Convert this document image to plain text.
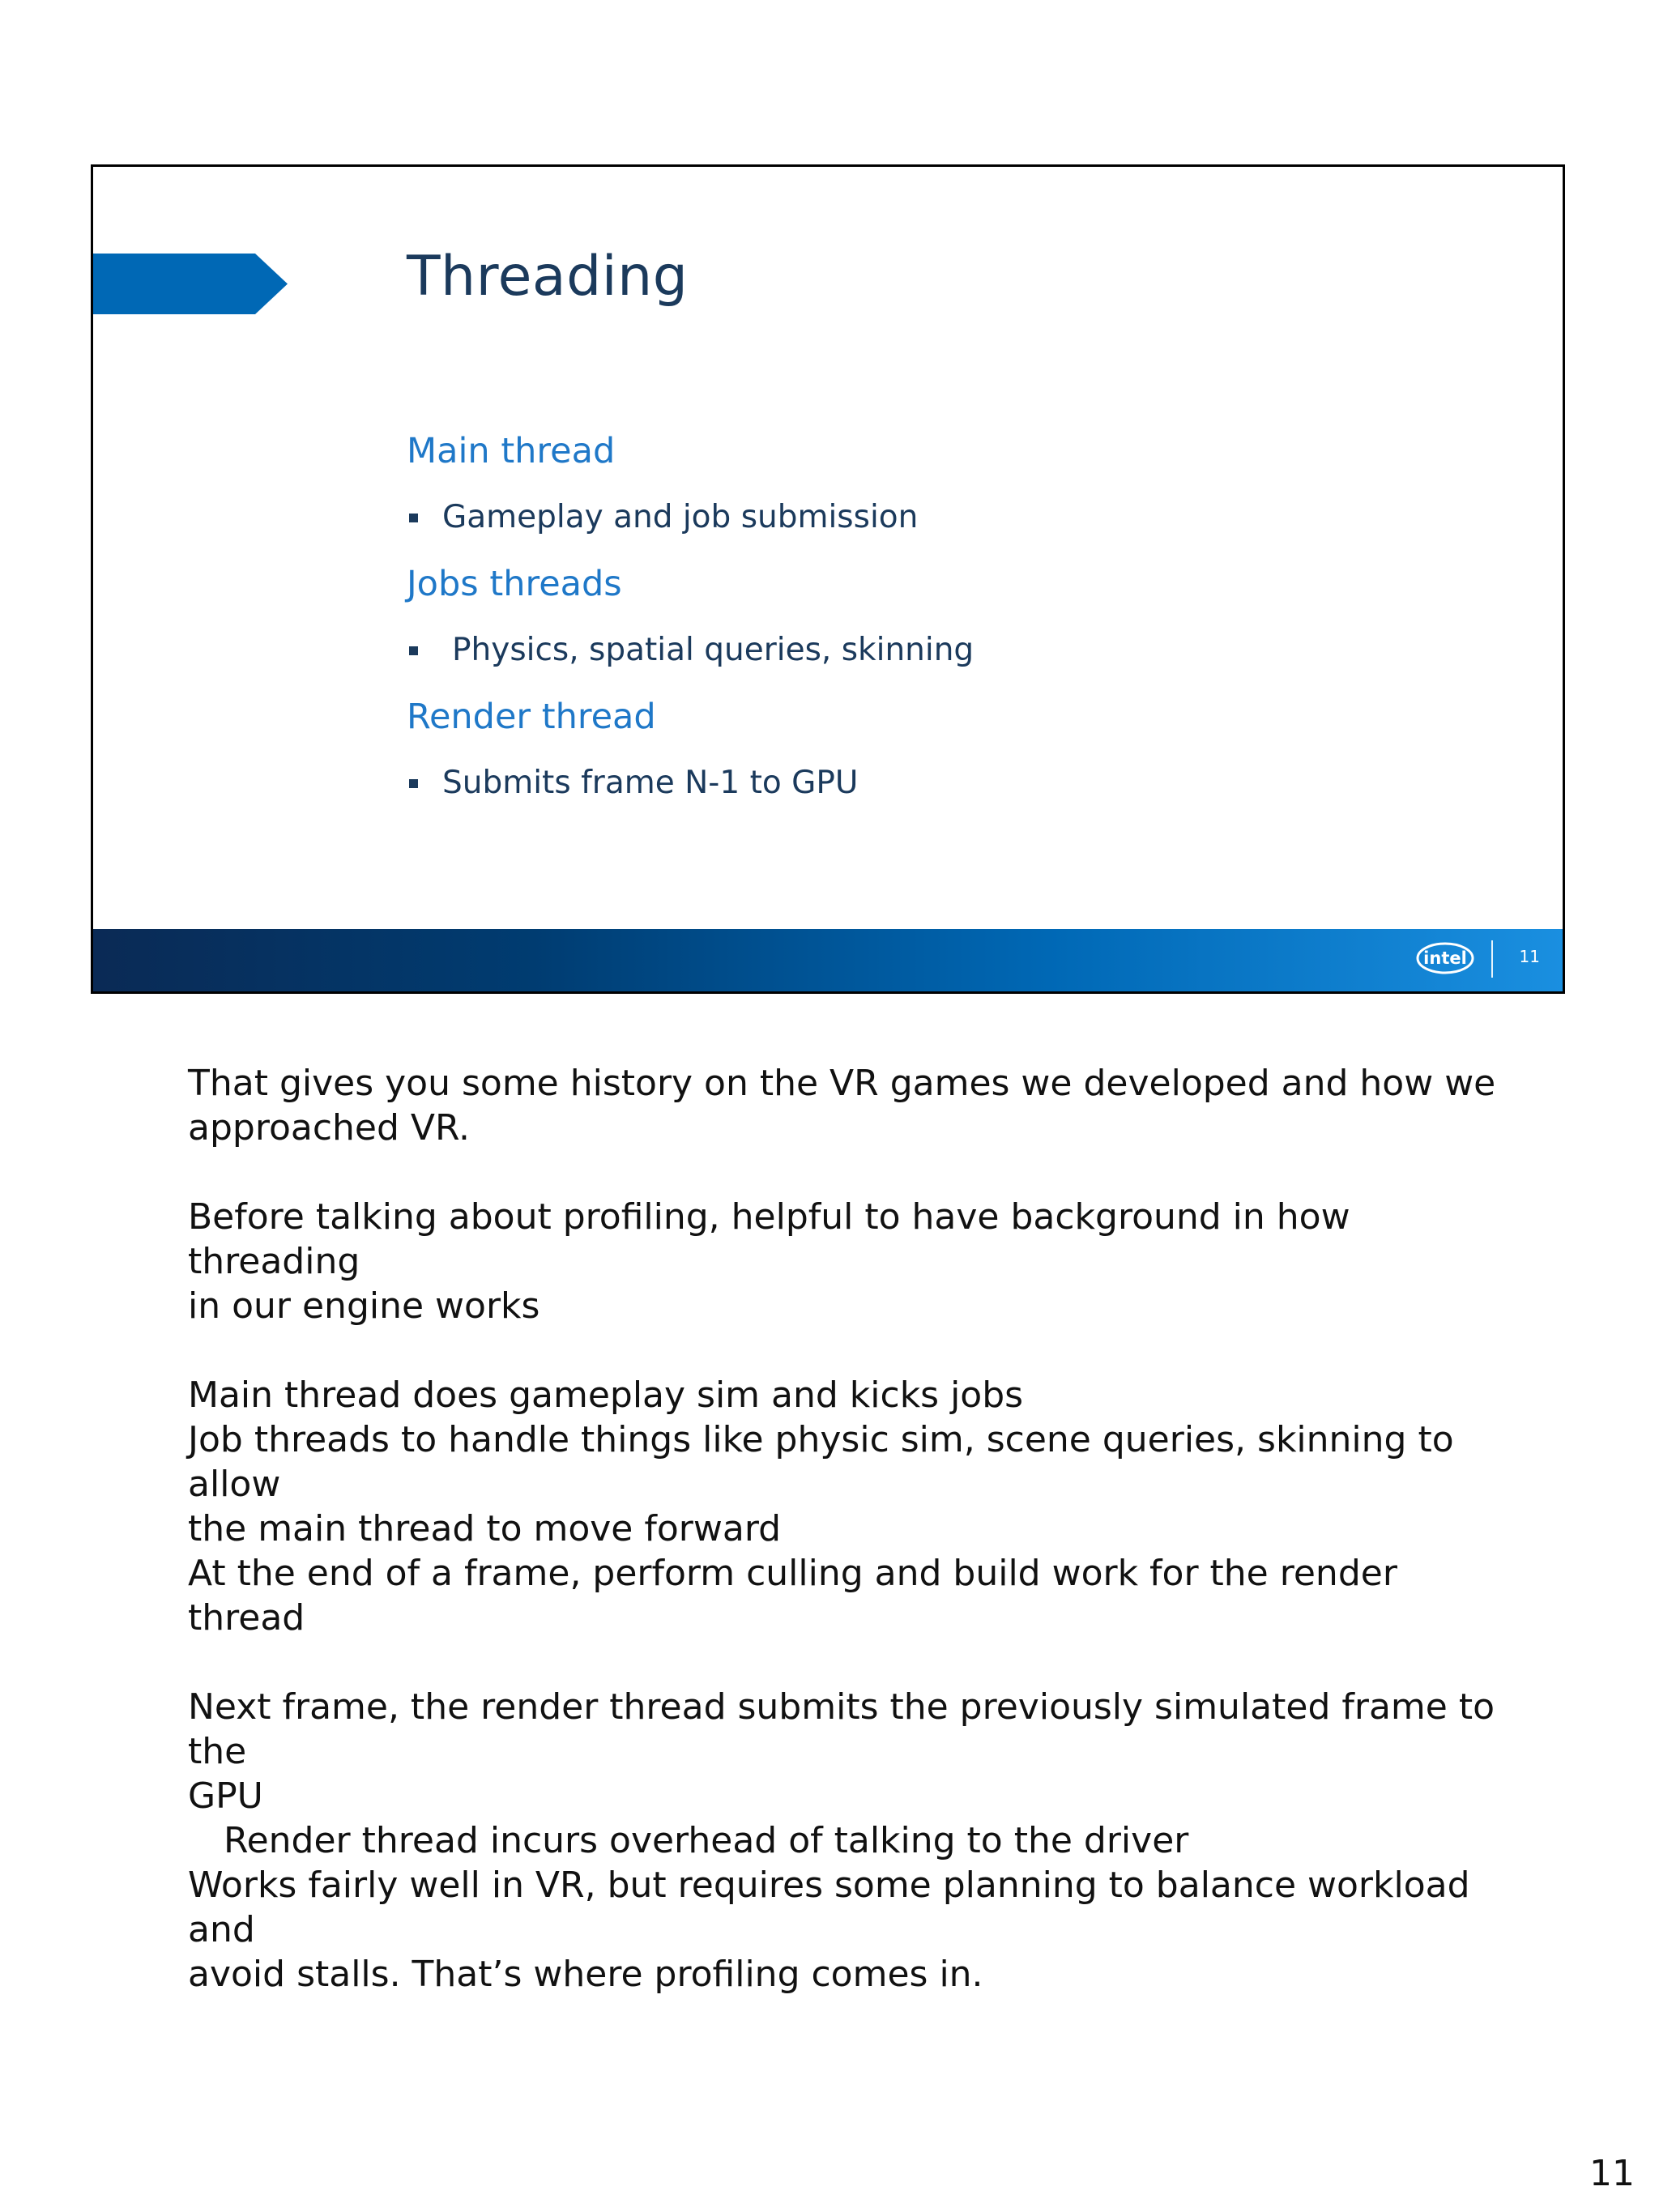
Threading
Main thread
Gameplay and job submission
Jobs threads
Physics, spatial queries, skinning
Render thread
Submits frame N-1 to GPU
intel	11

That gives you some history on the VR games we developed and how we
approached VR.

Before talking about profiling, helpful to have background in how threading
in our engine works

Main thread does gameplay sim and kicks jobs
Job threads to handle things like physic sim, scene queries, skinning to allow
the main thread to move forward
At the end of a frame, perform culling and build work for the render thread

Next frame, the render thread submits the previously simulated frame to the
GPU
Render thread incurs overhead of talking to the driver
Works fairly well in VR, but requires some planning to balance workload and
avoid stalls. That’s where profiling comes in.

11
